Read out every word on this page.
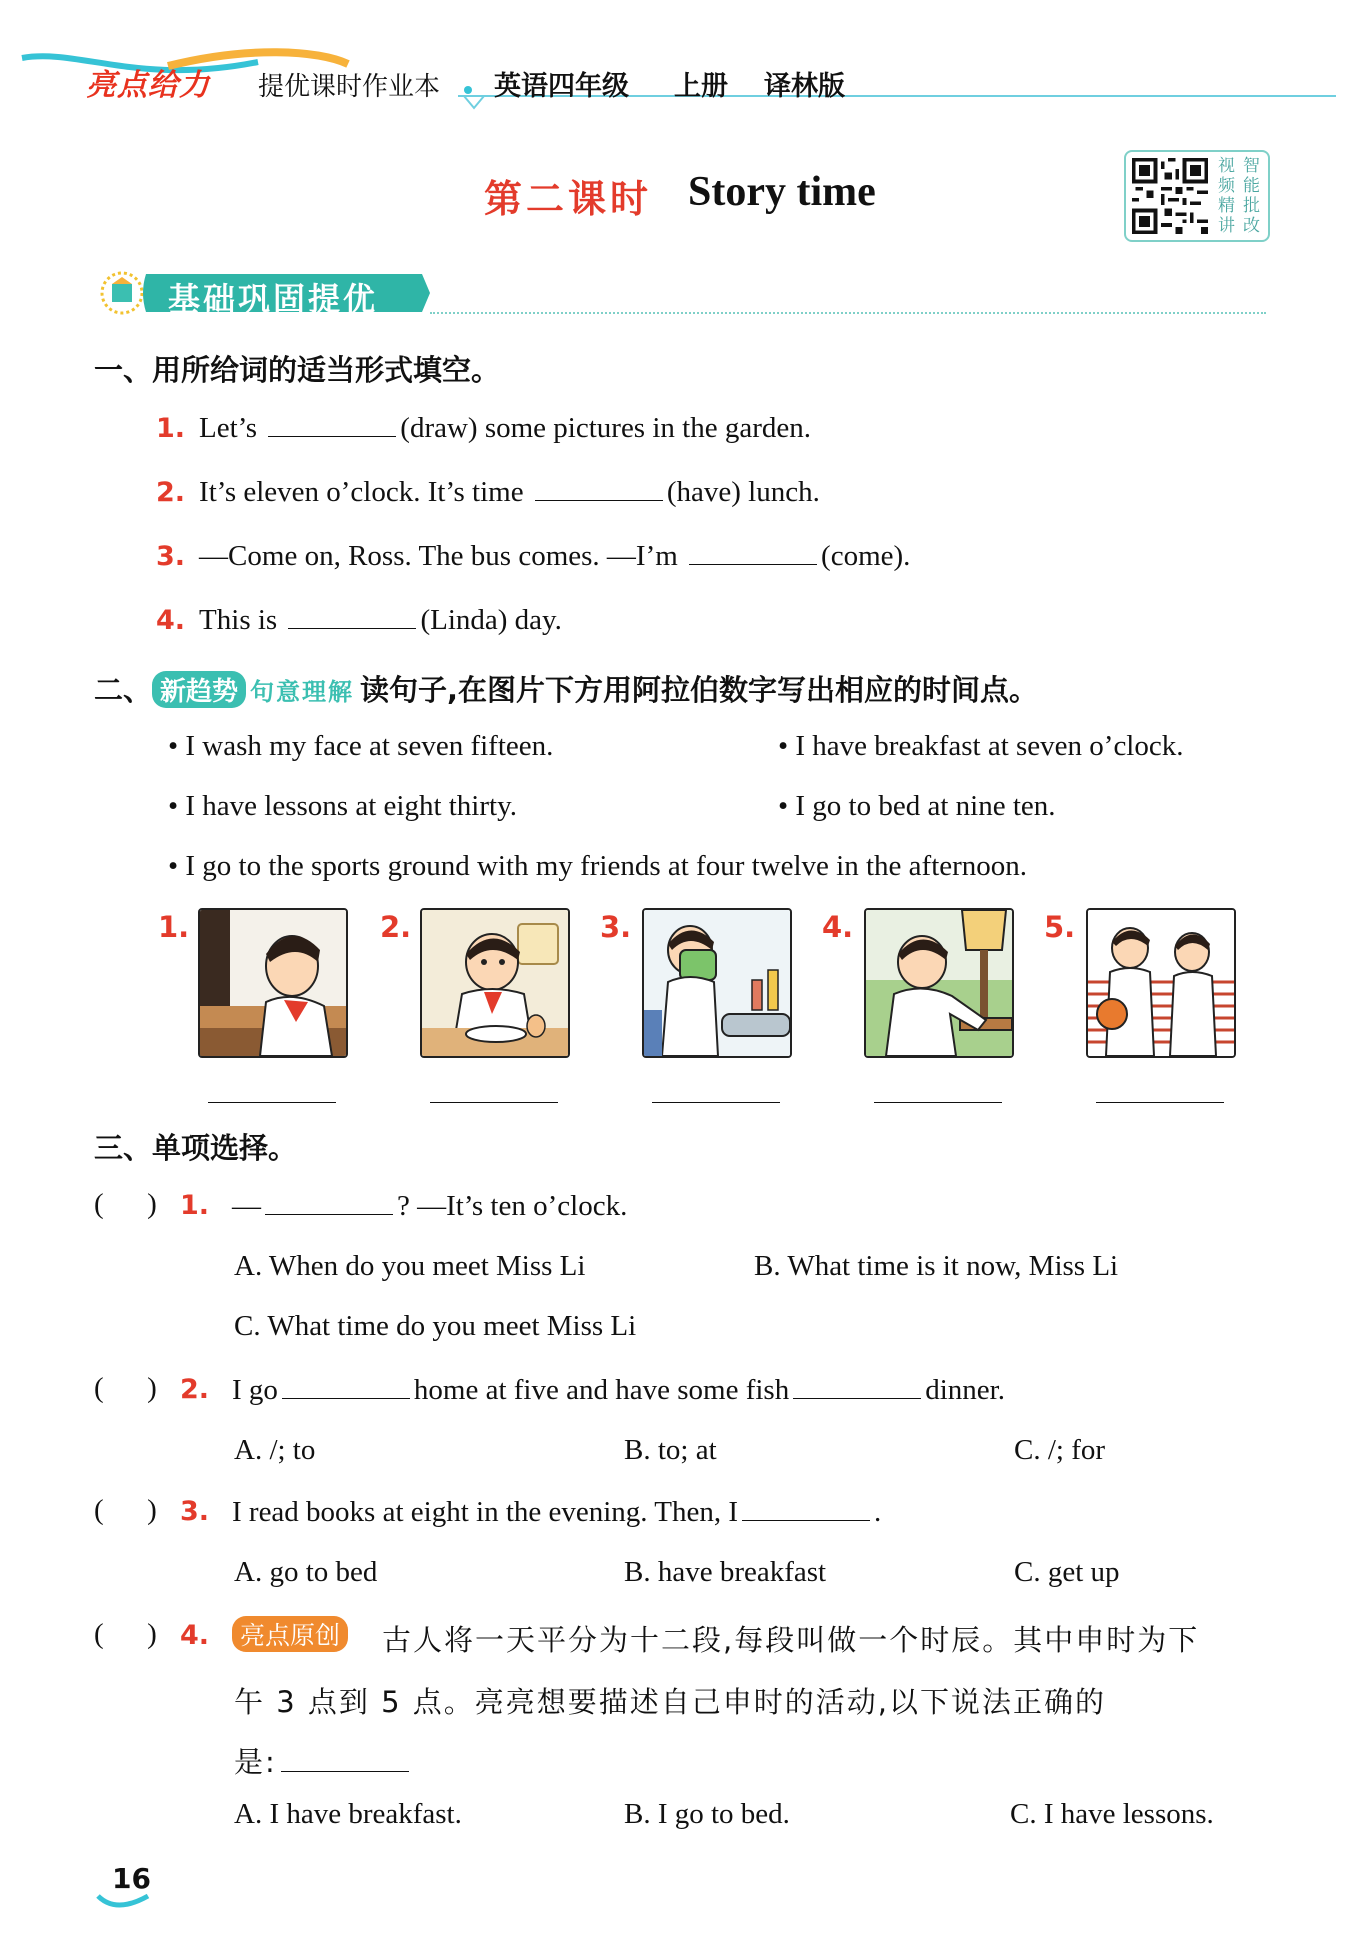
亮点给力 提优课时作业本 英语四年级 上册 译林版
第二课时 Story time
视 智
频 能
精 批
讲 改
基础巩固提优
一、用所给词的适当形式填空。
1. Let’s	(draw) some pictures in the garden.
2. It’s eleven o’clock. It’s time	(have) lunch.
3. —Come on, Ross. The bus comes. —I’m	(come).
4. This is	(Linda) day.
二、 新趋势 句意理解 读句子,在图片下方用阿拉伯数字写出相应的时间点。
• I wash my face at seven fifteen.	• I have breakfast at seven o’clock.
• I have lessons at eight thirty.	• I go to bed at nine ten.
• I go to the sports ground with my friends at four twelve in the afternoon.
1.	2.	3.	4.	5.
三、单项选择。
(      ) 1. —	? —It’s ten o’clock.
A. When do you meet Miss Li	B. What time is it now, Miss Li
C. What time do you meet Miss Li
(      ) 2. I go	home at five and have some fish	dinner.
A. /; to	B. to; at	C. /; for
(      ) 3. I read books at eight in the evening. Then, I	.
A. go to bed	B. have breakfast	C. get up
(      ) 4.	亮点原创 古人将一天平分为十二段,每段叫做一个时辰。其中申时为下
午 3 点到 5 点。亮亮想要描述自己申时的活动,以下说法正确的
是:
A. I have breakfast.	B. I go to bed.	C. I have lessons.
16
